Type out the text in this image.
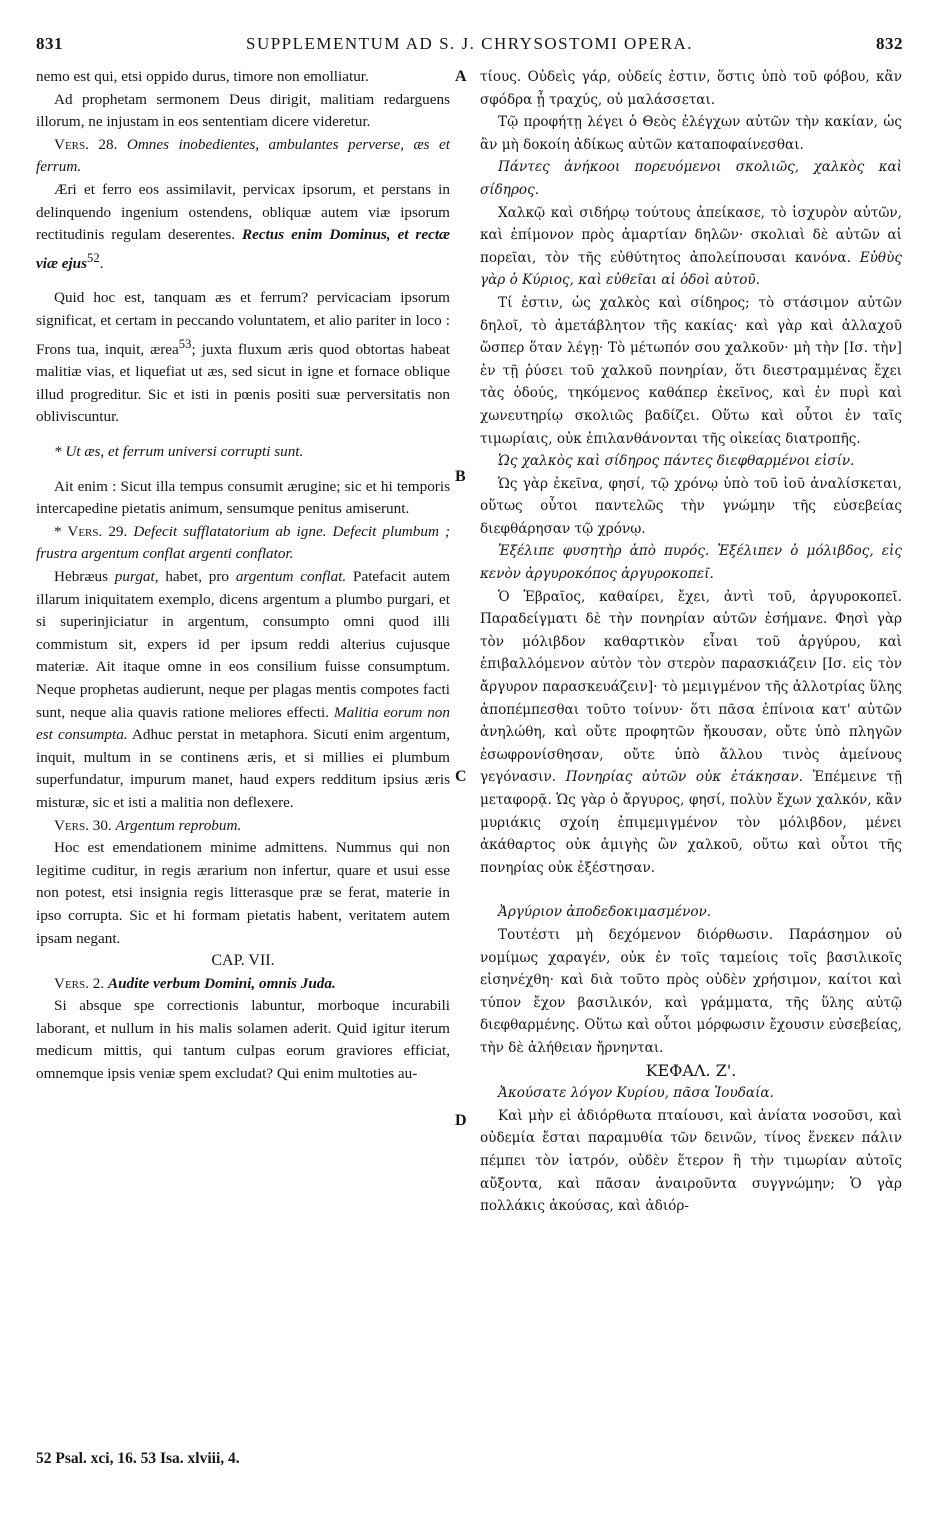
831	SUPPLEMENTUM AD S. J. CHRYSOSTOMI OPERA.	832

nemo est qui, etsi oppido durus, timore non emolliatur.

Ad prophetam sermonem Deus dirigit, malitiam redarguens illorum, ne injustam in eos sententiam dicere videretur.

Vers. 28. Omnes inobedientes, ambulantes perverse, æs et ferrum.

Æri et ferro eos assimilavit, pervicax ipsorum, et perstans in delinquendo ingenium ostendens, obliquæ autem viæ ipsorum rectitudinis regulam deserentes. Rectus enim Dominus, et rectæ viæ ejus$^{52}$.

Quid hoc est, tanquam æs et ferrum? pervicaciam ipsorum significat, et certam in peccando voluntatem, et alio pariter in loco : Frons tua, inquit, ærea$^{53}$; juxta fluxum æris quod obtortas habeat malitiæ vias, et liquefiat ut æs, sed sicut in igne et fornace oblique illud progreditur. Sic et isti in pœnis positi suæ perversitatis non obliviscuntur.

* Ut æs, et ferrum universi corrupti sunt.

Ait enim : Sicut illa tempus consumit ærugine; sic et hi temporis intercapedine pietatis animum, sensumque penitus amiserunt.

* Vers. 29. Defecit sufflatatorium ab igne. Defecit plumbum ; frustra argentum conflat argenti conflator.

Hebræus purgat, habet, pro argentum conflat. Patefacit autem illarum iniquitatem exemplo, dicens argentum a plumbo purgari, et si superinjiciatur in argentum, consumpto omni quod illi commistum sit, expers id per ipsum reddi alterius cujusque materiæ. Ait itaque omne in eos consilium fuisse consumptum. Neque prophetas audierunt, neque per plagas mentis compotes facti sunt, neque alia quavis ratione meliores effecti. Malitia eorum non est consumpta. Adhuc perstat in metaphora. Sicuti enim argentum, inquit, multum in se continens æris, et si millies ei plumbum superfundatur, impurum manet, haud expers redditum ipsius æris misturæ, sic et isti a malitia non deflexere.

Vers. 30. Argentum reprobum.

Hoc est emendationem minime admittens. Nummus qui non legitime cuditur, in regis ærarium non infertur, quare et usui esse non potest, etsi insignia regis litterasque præ se ferat, materie in ipso corrupta. Sic et hi formam pietatis habent, veritatem autem ipsam negant.

CAP. VII.

Vers. 2. Audite verbum Domini, omnis Juda.

Si absque spe correctionis labuntur, morboque incurabili laborant, et nullum in his malis solamen aderit. Quid igitur iterum medicum mittis, qui tantum culpas eorum graviores efficiat, omnemque ipsis veniæ spem excludat? Qui enim multoties au-

A
B
C
D

τίους. Οὐδεὶς γάρ, οὐδείς ἐστιν, ὅστις ὑπὸ τοῦ φόβου, κἂν σφόδρα ᾖ τραχύς, οὐ μαλάσσεται.

Τῷ προφήτῃ λέγει ὁ Θεὸς ἐλέγχων αὐτῶν τὴν κακίαν, ὡς ἂν μὴ δοκοίη ἀδίκως αὐτῶν καταποφαίνεσθαι.

Πάντες ἀνήκοοι πορευόμενοι σκολιῶς, χαλκὸς καὶ σίδηρος.

Χαλκῷ καὶ σιδήρῳ τούτους ἀπείκασε, τὸ ἰσχυρὸν αὐτῶν, καὶ ἐπίμονον πρὸς ἁμαρτίαν δηλῶν· σκολιαὶ δὲ αὐτῶν αἱ πορεῖαι, τὸν τῆς εὐθύτητος ἀπολείπουσαι κανόνα. Εὐθὺς γὰρ ὁ Κύριος, καὶ εὐθεῖαι αἱ ὁδοὶ αὐτοῦ.

Τί ἐστιν, ὡς χαλκὸς καὶ σίδηρος; τὸ στάσιμον αὐτῶν δηλοῖ, τὸ ἀμετάβλητον τῆς κακίας· καὶ γὰρ καὶ ἀλλαχοῦ ὥσπερ ὅταν λέγῃ· Τὸ μέτωπόν σου χαλκοῦν· μὴ τὴν [Ισ. τὴν] ἐν τῇ ῥύσει τοῦ χαλκοῦ πονηρίαν, ὅτι διεστραμμένας ἔχει τὰς ὁδούς, τηκόμενος καθάπερ ἐκεῖνος, καὶ ἐν πυρὶ καὶ χωνευτηρίῳ σκολιῶς βαδίζει. Οὕτω καὶ οὗτοι ἐν ταῖς τιμωρίαις, οὐκ ἐπιλανθάνονται τῆς οἰκείας διατροπῆς.

Ὡς χαλκὸς καὶ σίδηρος πάντες διεφθαρμένοι εἰσίν.

Ὡς γὰρ ἐκεῖνα, φησί, τῷ χρόνῳ ὑπὸ τοῦ ἰοῦ ἀναλίσκεται, οὕτως οὗτοι παντελῶς τὴν γνώμην τῆς εὐσεβείας διεφθάρησαν τῷ χρόνῳ.

Ἐξέλιπε φυσητὴρ ἀπὸ πυρός. Ἐξέλιπεν ὁ μόλιβδος, εἰς κενὸν ἀργυροκόπος ἀργυροκοπεῖ.

Ὁ Ἑβραῖος, καθαίρει, ἔχει, ἀντὶ τοῦ, ἀργυροκοπεῖ. Παραδείγματι δὲ τὴν πονηρίαν αὐτῶν ἐσήμανε. Φησὶ γὰρ τὸν μόλιβδον καθαρτικὸν εἶναι τοῦ ἀργύρου, καὶ ἐπιβαλλόμενον αὐτὸν τὸν στερὸν παρασκιάζειν [Ισ. εἰς τὸν ἄργυρον παρασκευάζειν]· τὸ μεμιγμένον τῆς ἀλλοτρίας ὕλης ἀποπέμπεσθαι τοῦτο τοίνυν· ὅτι πᾶσα ἐπίνοια κατ' αὐτῶν ἀνηλώθη, καὶ οὔτε προφητῶν ἤκουσαν, οὔτε ὑπὸ πληγῶν ἐσωφρονίσθησαν, οὔτε ὑπὸ ἄλλου τινὸς ἀμείνους γεγόνασιν. Πονηρίας αὐτῶν οὐκ ἐτάκησαν. Ἐπέμεινε τῇ μεταφορᾷ. Ὡς γὰρ ὁ ἄργυρος, φησί, πολὺν ἔχων χαλκόν, κἂν μυριάκις σχοίη ἐπιμεμιγμένον τὸν μόλιβδον, μένει ἀκάθαρτος οὐκ ἀμιγὴς ὢν χαλκοῦ, οὕτω καὶ οὗτοι τῆς πονηρίας οὐκ ἐξέστησαν.

Ἀργύριον ἀποδεδοκιμασμένον.

Τουτέστι μὴ δεχόμενον διόρθωσιν. Παράσημον οὐ νομίμως χαραγέν, οὐκ ἐν τοῖς ταμείοις τοῖς βασιλικοῖς εἰσηνέχθη· καὶ διὰ τοῦτο πρὸς οὐδὲν χρήσιμον, καίτοι καὶ τύπον ἔχον βασιλικόν, καὶ γράμματα, τῆς ὕλης αὐτῷ διεφθαρμένης. Οὕτω καὶ οὗτοι μόρφωσιν ἔχουσιν εὐσεβείας, τὴν δὲ ἀλήθειαν ἤρνηνται.

ΚΕΦΑΛ. Ζ'.

Ἀκούσατε λόγον Κυρίου, πᾶσα Ἰουδαία.

Καὶ μὴν εἰ ἀδιόρθωτα πταίουσι, καὶ ἀνίατα νοσοῦσι, καὶ οὐδεμία ἔσται παραμυθία τῶν δεινῶν, τίνος ἕνεκεν πάλιν πέμπει τὸν ἰατρόν, οὐδὲν ἕτερον ἢ τὴν τιμωρίαν αὐτοῖς αὔξοντα, καὶ πᾶσαν ἀναιροῦντα συγγνώμην; Ὁ γὰρ πολλάκις ἀκούσας, καὶ ἀδιόρ-

52 Psal. xci, 16. 53 Isa. xlviii, 4.
